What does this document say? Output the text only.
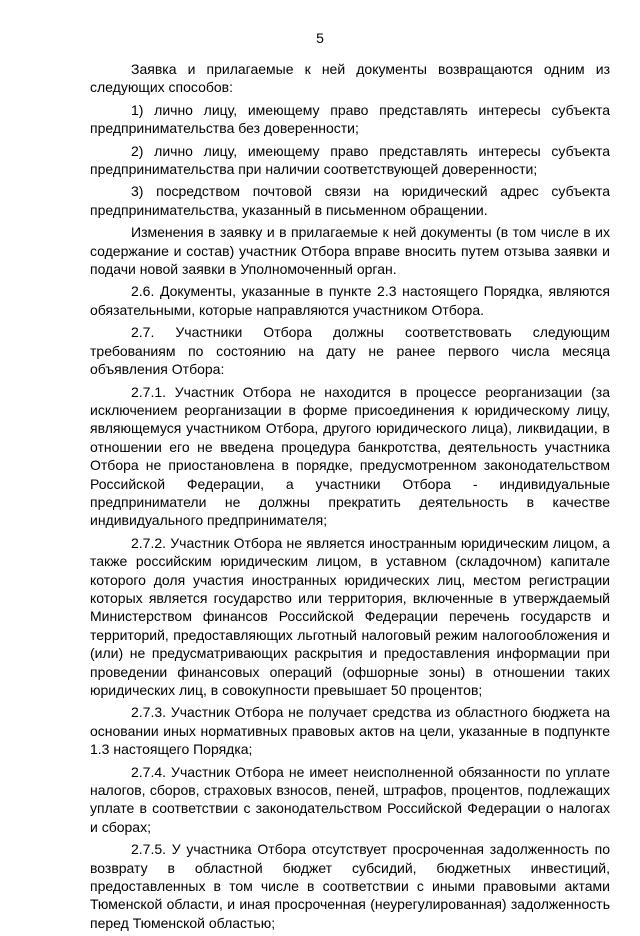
5

Заявка и прилагаемые к ней документы возвращаются одним из следующих способов:

1) лично лицу, имеющему право представлять интересы субъекта предпринимательства без доверенности;

2) лично лицу, имеющему право представлять интересы субъекта предпринимательства при наличии соответствующей доверенности;

3) посредством почтовой связи на юридический адрес субъекта предпринимательства, указанный в письменном обращении.

Изменения в заявку и в прилагаемые к ней документы (в том числе в их содержание и состав) участник Отбора вправе вносить путем отзыва заявки и подачи новой заявки в Уполномоченный орган.

2.6. Документы, указанные в пункте 2.3 настоящего Порядка, являются обязательными, которые направляются участником Отбора.

2.7. Участники Отбора должны соответствовать следующим требованиям по состоянию на дату не ранее первого числа месяца объявления Отбора:

2.7.1. Участник Отбора не находится в процессе реорганизации (за исключением реорганизации в форме присоединения к юридическому лицу, являющемуся участником Отбора, другого юридического лица), ликвидации, в отношении его не введена процедура банкротства, деятельность участника Отбора не приостановлена в порядке, предусмотренном законодательством Российской Федерации, а участники Отбора - индивидуальные предприниматели не должны прекратить деятельность в качестве индивидуального предпринимателя;

2.7.2. Участник Отбора не является иностранным юридическим лицом, а также российским юридическим лицом, в уставном (складочном) капитале которого доля участия иностранных юридических лиц, местом регистрации которых является государство или территория, включенные в утверждаемый Министерством финансов Российской Федерации перечень государств и территорий, предоставляющих льготный налоговый режим налогообложения и (или) не предусматривающих раскрытия и предоставления информации при проведении финансовых операций (офшорные зоны) в отношении таких юридических лиц, в совокупности превышает 50 процентов;

2.7.3. Участник Отбора не получает средства из областного бюджета на основании иных нормативных правовых актов на цели, указанные в подпункте 1.3 настоящего Порядка;

2.7.4. Участник Отбора не имеет неисполненной обязанности по уплате налогов, сборов, страховых взносов, пеней, штрафов, процентов, подлежащих уплате в соответствии с законодательством Российской Федерации о налогах и сборах;

2.7.5. У участника Отбора отсутствует просроченная задолженность по возврату в областной бюджет субсидий, бюджетных инвестиций, предоставленных в том числе в соответствии с иными правовыми актами Тюменской области, и иная просроченная (неурегулированная) задолженность перед Тюменской областью;
